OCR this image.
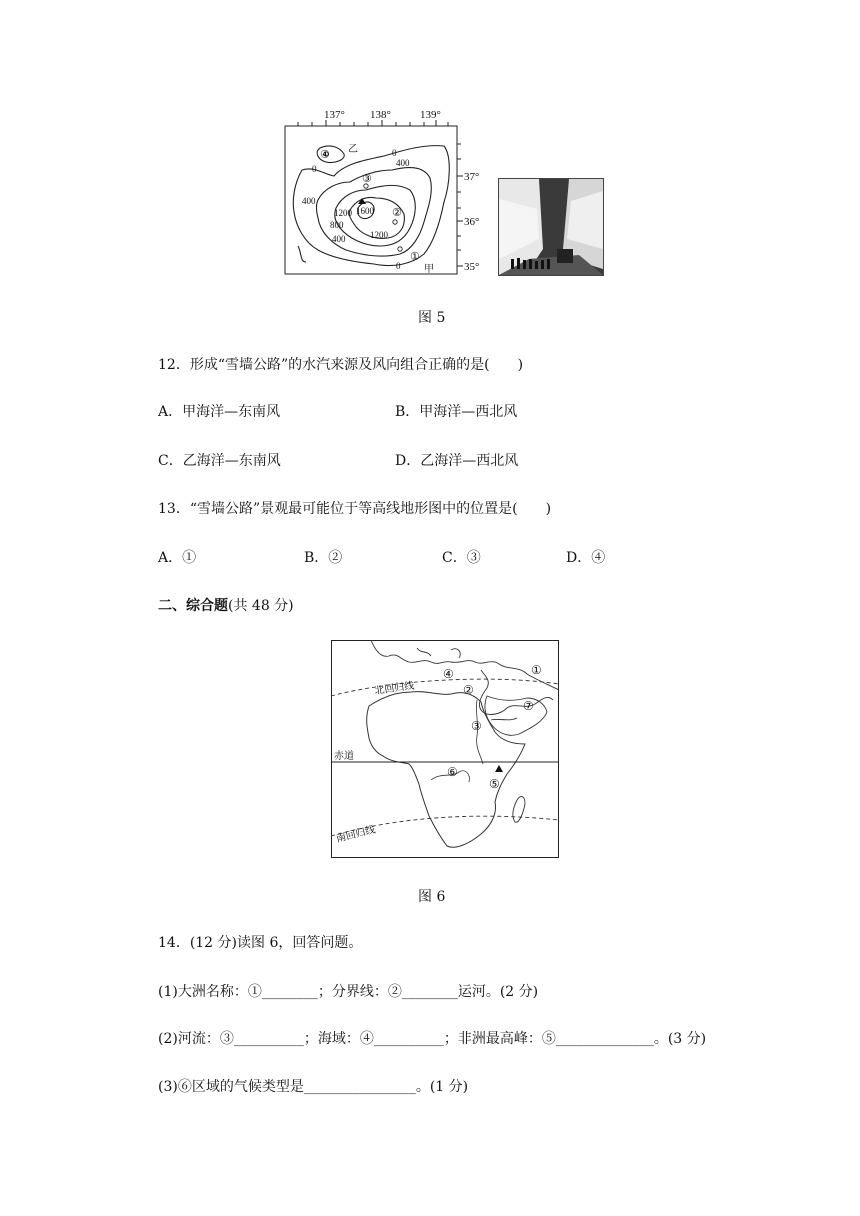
137° 138°	139°
37°
36°
35°
0
0
400
400
1200 1600
800
400	1200
0
④
③
②
①
乙
甲
图 5
12．形成“雪墙公路”的水汽来源及风向组合正确的是(　　)
A．甲海洋—东南风	B．甲海洋—西北风
C．乙海洋—东南风	D．乙海洋—西北风
13．“雪墙公路”景观最可能位于等高线地形图中的位置是(　　)
A．①	B．②	C．③	D．④
二、综合题(共 48 分)
北回归线
赤道
南回归线
①
②
③
④
⑤
⑥
⑦
图 6
14．(12 分)读图 6，回答问题。
(1)大洲名称：①________；分界线：②________运河。(2 分)
(2)河流：③__________；海域：④__________；非洲最高峰：⑤______________。(3 分)
(3)⑥区域的气候类型是________________。(1 分)
